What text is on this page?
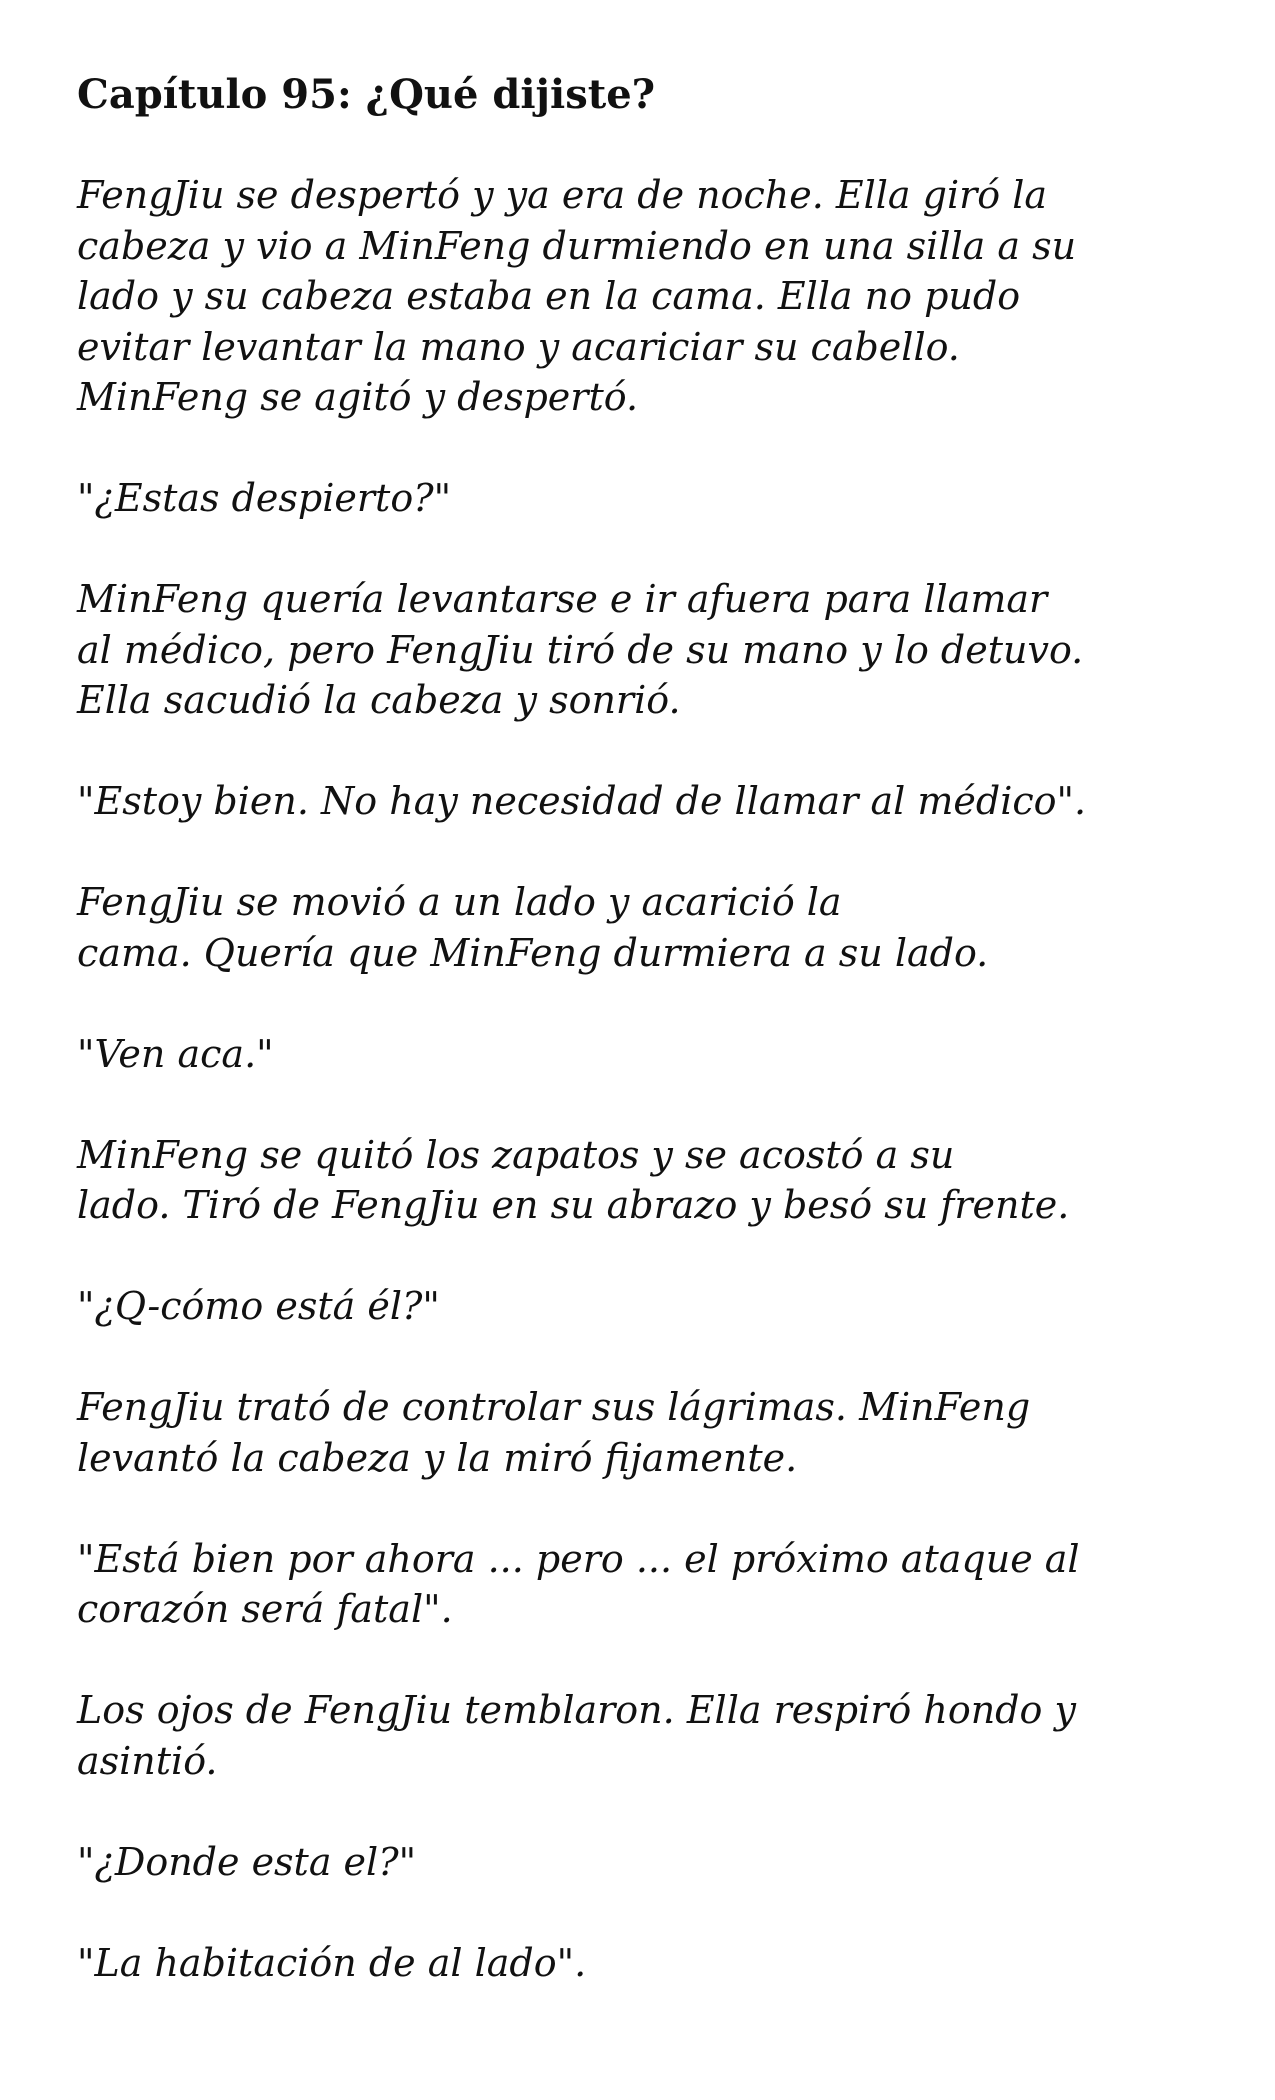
Capítulo 95: ¿Qué dijiste?
FengJiu se despertó y ya era de noche. Ella giró la
cabeza y vio a MinFeng durmiendo en una silla a su
lado y su cabeza estaba en la cama. Ella no pudo
evitar levantar la mano y acariciar su cabello.
MinFeng se agitó y despertó.
"¿Estas despierto?"
MinFeng quería levantarse e ir afuera para llamar
al médico, pero FengJiu tiró de su mano y lo detuvo.
Ella sacudió la cabeza y sonrió.
"Estoy bien. No hay necesidad de llamar al médico".
FengJiu se movió a un lado y acarició la
cama. Quería que MinFeng durmiera a su lado.
"Ven aca."
MinFeng se quitó los zapatos y se acostó a su
lado. Tiró de FengJiu en su abrazo y besó su frente.
"¿Q-cómo está él?"
FengJiu trató de controlar sus lágrimas. MinFeng
levantó la cabeza y la miró fijamente.
"Está bien por ahora ... pero ... el próximo ataque al
corazón será fatal".
Los ojos de FengJiu temblaron. Ella respiró hondo y
asintió.
"¿Donde esta el?"
"La habitación de al lado".
